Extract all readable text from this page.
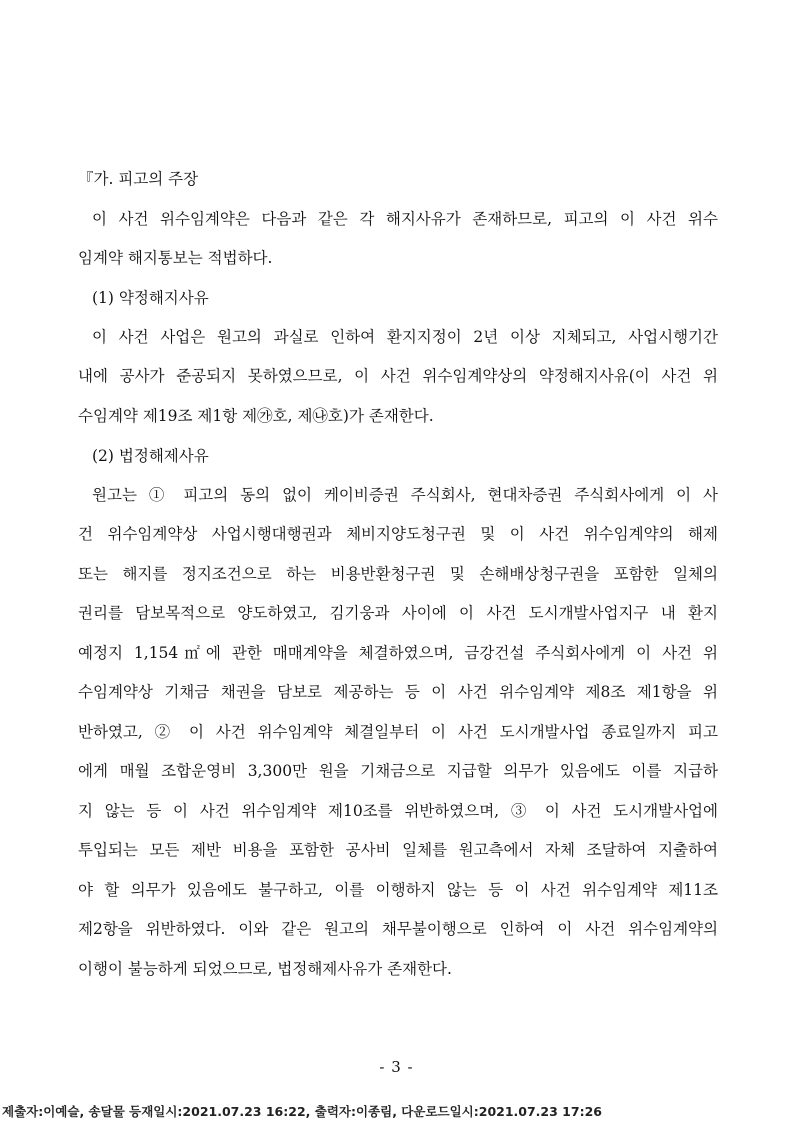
『가. 피고의 주장
이 사건 위수임계약은 다음과 같은 각 해지사유가 존재하므로, 피고의 이 사건 위수
임계약 해지통보는 적법하다.
(1) 약정해지사유
이 사건 사업은 원고의 과실로 인하여 환지지정이 2년 이상 지체되고, 사업시행기간
내에 공사가 준공되지 못하였으므로, 이 사건 위수임계약상의 약정해지사유(이 사건 위
수임계약 제19조 제1항 제㉮호, 제㉯호)가 존재한다.
(2) 법정해제사유
원고는 ① 피고의 동의 없이 케이비증권 주식회사, 현대차증권 주식회사에게 이 사
건 위수임계약상 사업시행대행권과 체비지양도청구권 및 이 사건 위수임계약의 해제
또는 해지를 정지조건으로 하는 비용반환청구권 및 손해배상청구권을 포함한 일체의
권리를 담보목적으로 양도하였고, 김기웅과 사이에 이 사건 도시개발사업지구 내 환지
예정지 1,154㎡에 관한 매매계약을 체결하였으며, 금강건설 주식회사에게 이 사건 위
수임계약상 기채금 채권을 담보로 제공하는 등 이 사건 위수임계약 제8조 제1항을 위
반하였고, ② 이 사건 위수임계약 체결일부터 이 사건 도시개발사업 종료일까지 피고
에게 매월 조합운영비 3,300만 원을 기채금으로 지급할 의무가 있음에도 이를 지급하
지 않는 등 이 사건 위수임계약 제10조를 위반하였으며, ③ 이 사건 도시개발사업에
투입되는 모든 제반 비용을 포함한 공사비 일체를 원고측에서 자체 조달하여 지출하여
야 할 의무가 있음에도 불구하고, 이를 이행하지 않는 등 이 사건 위수임계약 제11조
제2항을 위반하였다. 이와 같은 원고의 채무불이행으로 인하여 이 사건 위수임계약의
이행이 불능하게 되었으므로, 법정해제사유가 존재한다.
- 3 -
제출자:이예슬, 송달물 등재일시:2021.07.23 16:22, 출력자:이종림, 다운로드일시:2021.07.23 17:26
